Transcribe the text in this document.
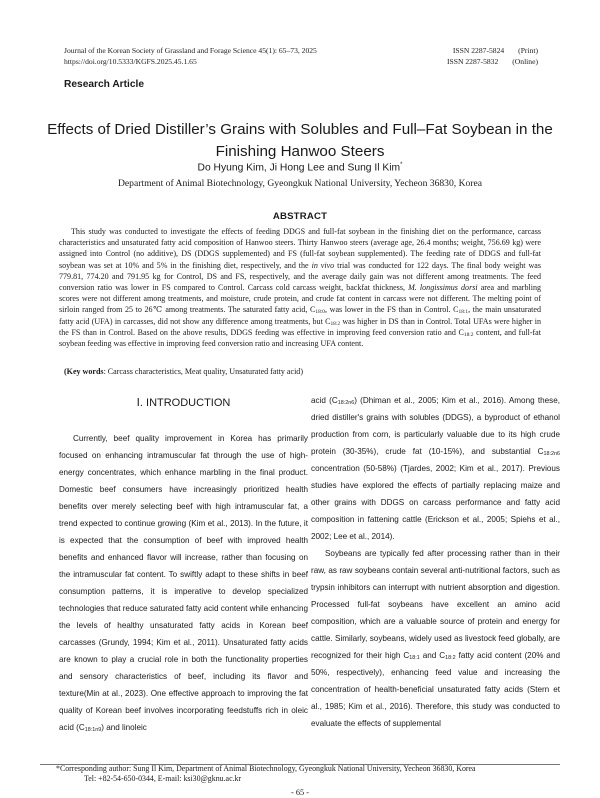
Journal of the Korean Society of Grassland and Forage Science 45(1): 65–73, 2025
https://doi.org/10.5333/KGFS.2025.45.1.65
ISSN 2287-5824 (Print)
ISSN 2287-5832 (Online)
Research Article
Effects of Dried Distiller’s Grains with Solubles and Full–Fat Soybean in the
Finishing Hanwoo Steers
Do Hyung Kim, Ji Hong Lee and Sung Il Kim*
Department of Animal Biotechnology, Gyeongkuk National University, Yecheon 36830, Korea
ABSTRACT

This study was conducted to investigate the effects of feeding DDGS and full-fat soybean in the finishing diet on the performance, carcass characteristics and unsaturated fatty acid composition of Hanwoo steers. Thirty Hanwoo steers (average age, 26.4 months; weight, 756.69 kg) were assigned into Control (no additive), DS (DDGS supplemented) and FS (full-fat soybean supplemented). The feeding rate of DDGS and full-fat soybean was set at 10% and 5% in the finishing diet, respectively, and the in vivo trial was conducted for 122 days. The final body weight was 779.81, 774.20 and 791.95 kg for Control, DS and FS, respectively, and the average daily gain was not different among treatments. The feed conversion ratio was lower in FS compared to Control. Carcass cold carcass weight, backfat thickness, M. longissimus dorsi area and marbling scores were not different among treatments, and moisture, crude protein, and crude fat content in carcass were not different. The melting point of sirloin ranged from 25 to 26℃ among treatments. The saturated fatty acid, $C_{18:0}$, was lower in the FS than in Control. $C_{18:1}$, the main unsaturated fatty acid (UFA) in carcasses, did not show any difference among treatments, but $C_{18:2}$ was higher in DS than in Control. Total UFAs were higher in the FS than in Control. Based on the above results, DDGS feeding was effective in improving feed conversion ratio and $C_{18:2}$ content, and full-fat soybean feeding was effective in improving feed conversion ratio and increasing UFA content.

(Key words: Carcass characteristics, Meat quality, Unsaturated fatty acid)
Ⅰ. INTRODUCTION

Currently, beef quality improvement in Korea has primarily focused on enhancing intramuscular fat through the use of high-energy concentrates, which enhance marbling in the final product. Domestic beef consumers have increasingly prioritized health benefits over merely selecting beef with high intramuscular fat, a trend expected to continue growing (Kim et al., 2013). In the future, it is expected that the consumption of beef with improved health benefits and enhanced flavor will increase, rather than focusing on the intramuscular fat content. To swiftly adapt to these shifts in beef consumption patterns, it is imperative to develop specialized technologies that reduce saturated fatty acid content while enhancing the levels of healthy unsaturated fatty acids in Korean beef carcasses (Grundy, 1994; Kim et al., 2011). Unsaturated fatty acids are known to play a crucial role in both the functionality properties and sensory characteristics of beef, including its flavor and texture(Min at al., 2023). One effective approach to improving the fat quality of Korean beef involves incorporating feedstuffs rich in oleic acid $(C_{18:1n9})$ and linoleic

acid $(C_{18:2n6})$ (Dhiman et al., 2005; Kim et al., 2016). Among these, dried distiller's grains with solubles (DDGS), a byproduct of ethanol production from corn, is particularly valuable due to its high crude protein (30-35%), crude fat (10-15%), and substantial $C_{18:2n6}$ concentration (50-58%) (Tjardes, 2002; Kim et al., 2017). Previous studies have explored the effects of partially replacing maize and other grains with DDGS on carcass performance and fatty acid composition in fattening cattle (Erickson et al., 2005; Spiehs et al., 2002; Lee et al., 2014).

Soybeans are typically fed after processing rather than in their raw, as raw soybeans contain several anti-nutritional factors, such as trypsin inhibitors can interrupt with nutrient absorption and digestion. Processed full-fat soybeans have excellent an amino acid composition, which are a valuable source of protein and energy for cattle. Similarly, soybeans, widely used as livestock feed globally, are recognized for their high $C_{18:1}$ and $C_{18:2}$ fatty acid content (20% and 50%, respectively), enhancing feed value and increasing the concentration of health-beneficial unsaturated fatty acids (Stern et al., 1985; Kim et al., 2016). Therefore, this study was conducted to evaluate the effects of supplemental

*Corresponding author: Sung Il Kim, Department of Animal Biotechnology, Gyeongkuk National University, Yecheon 36830, Korea
Tel: +82-54-650-0344, E-mail: ksi30@gknu.ac.kr
- 65 -
